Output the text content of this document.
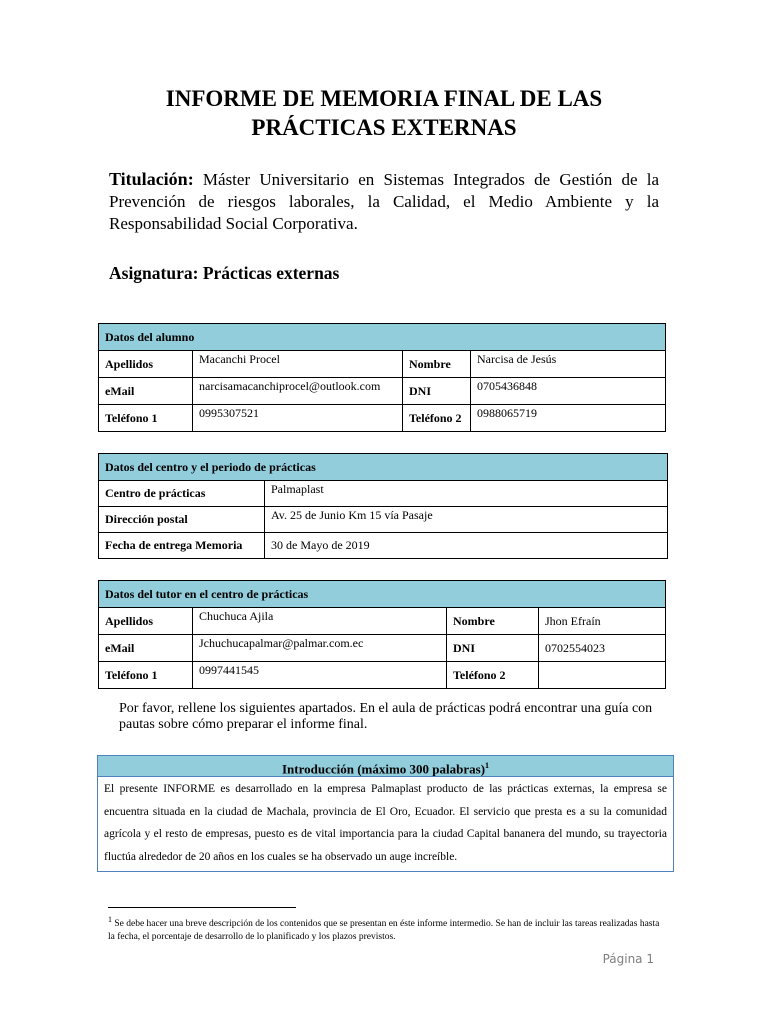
INFORME DE MEMORIA FINAL DE LAS
PRÁCTICAS EXTERNAS
Titulación: Máster Universitario en Sistemas Integrados de Gestión de la Prevención de riesgos laborales, la Calidad, el Medio Ambiente y la Responsabilidad Social Corporativa.
Asignatura: Prácticas externas
Datos del alumno			
Apellidos	Macanchi Procel	Nombre	Narcisa de Jesús
eMail	narcisamacanchiprocel@outlook.com	DNI	0705436848
Teléfono 1	0995307521	Teléfono 2	0988065719
Datos del centro y el periodo de prácticas	
Centro de prácticas	Palmaplast
Dirección postal	Av. 25 de Junio Km 15 vía Pasaje
Fecha de entrega Memoria	30 de Mayo de 2019
Datos del tutor en el centro de prácticas			
Apellidos	Chuchuca Ajila	Nombre	Jhon Efraín
eMail	Jchuchucapalmar@palmar.com.ec	DNI	0702554023
Teléfono 1	0997441545	Teléfono 2	
Por favor, rellene los siguientes apartados. En el aula de prácticas podrá encontrar una guía con pautas sobre cómo preparar el informe final.
Introducción (máximo 300 palabras)$^1$
El presente INFORME es desarrollado en la empresa Palmaplast producto de las prácticas externas, la empresa se encuentra situada en la ciudad de Machala, provincia de El Oro, Ecuador. El servicio que presta es a su la comunidad agrícola y el resto de empresas, puesto es de vital importancia para la ciudad Capital bananera del mundo, su trayectoria fluctúa alrededor de 20 años en los cuales se ha observado un auge increíble.
$^1$ Se debe hacer una breve descripción de los contenidos que se presentan en éste informe intermedio. Se han de incluir las tareas realizadas hasta la fecha, el porcentaje de desarrollo de lo planificado y los plazos previstos.
Página 1
